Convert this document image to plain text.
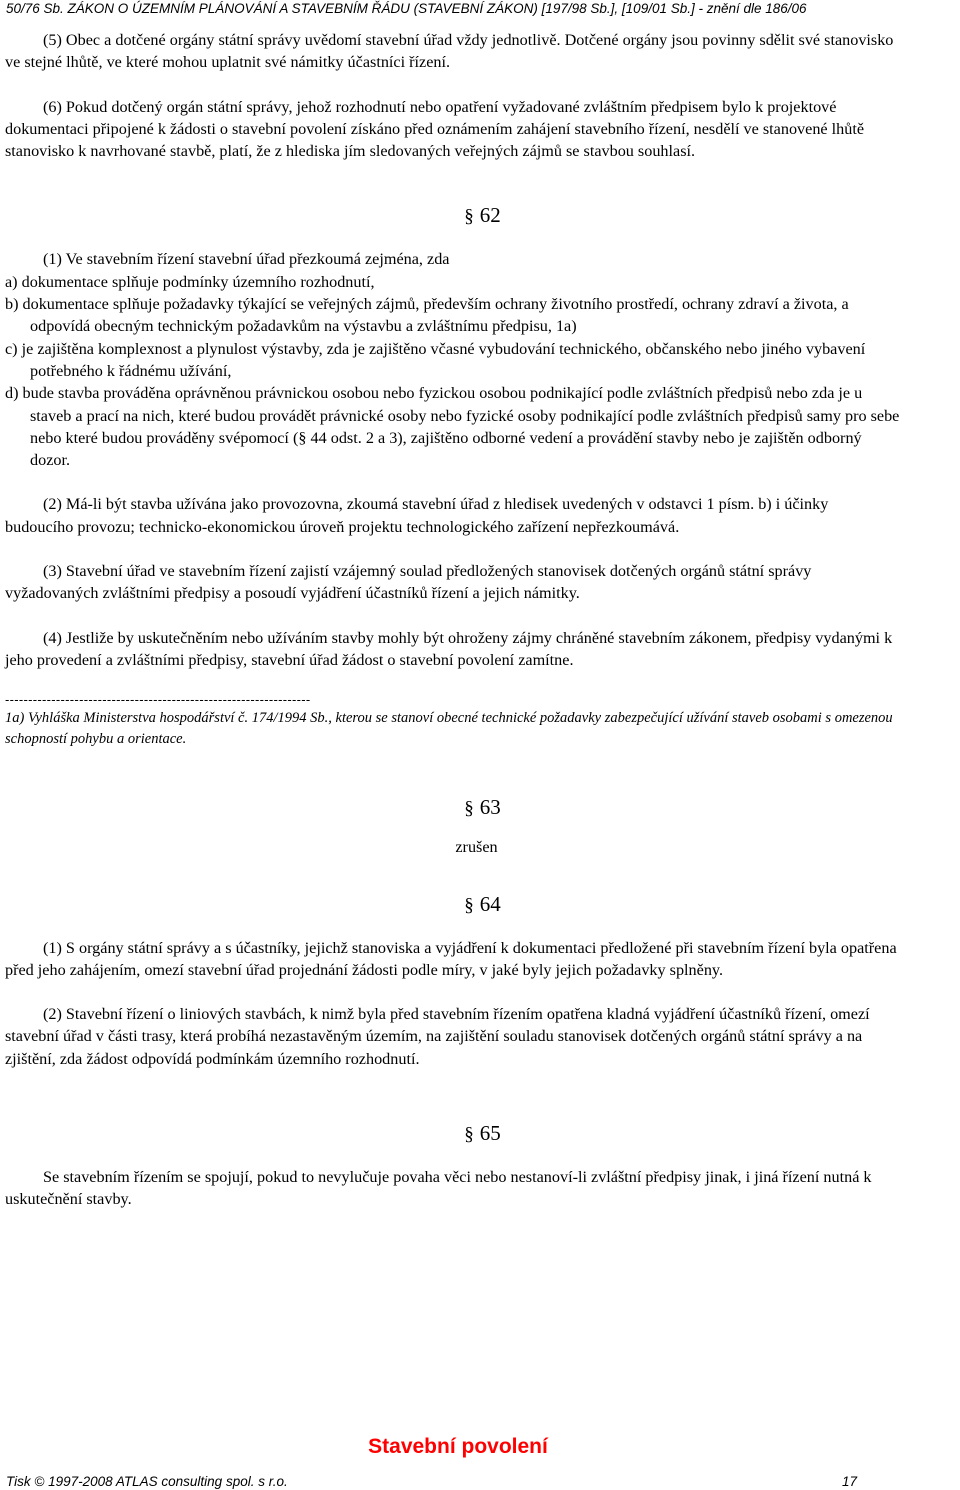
50/76 Sb. ZÁKON O ÚZEMNÍM PLÁNOVÁNÍ A STAVEBNÍM ŘÁDU (STAVEBNÍ ZÁKON) [197/98 Sb.], [109/01 Sb.] - znění dle 186/06

(5) Obec a dotčené orgány státní správy uvědomí stavební úřad vždy jednotlivě. Dotčené orgány jsou povinny sdělit své stanovisko ve stejné lhůtě, ve které mohou uplatnit své námitky účastníci řízení.

(6) Pokud dotčený orgán státní správy, jehož rozhodnutí nebo opatření vyžadované zvláštním předpisem bylo k projektové dokumentaci připojené k žádosti o stavební povolení získáno před oznámením zahájení stavebního řízení, nesdělí ve stanovené lhůtě stanovisko k navrhované stavbě, platí, že z hlediska jím sledovaných veřejných zájmů se stavbou souhlasí.

§ 62

(1) Ve stavebním řízení stavební úřad přezkoumá zejména, zda

a) dokumentace splňuje podmínky územního rozhodnutí,

b) dokumentace splňuje požadavky týkající se veřejných zájmů, především ochrany životního prostředí, ochrany zdraví a života, a odpovídá obecným technickým požadavkům na výstavbu a zvláštnímu předpisu, 1a)

c) je zajištěna komplexnost a plynulost výstavby, zda je zajištěno včasné vybudování technického, občanského nebo jiného vybavení potřebného k řádnému užívání,

d) bude stavba prováděna oprávněnou právnickou osobou nebo fyzickou osobou podnikající podle zvláštních předpisů nebo zda je u staveb a prací na nich, které budou provádět právnické osoby nebo fyzické osoby podnikající podle zvláštních předpisů samy pro sebe nebo které budou prováděny svépomocí (§ 44 odst. 2 a 3), zajištěno odborné vedení a provádění stavby nebo je zajištěn odborný dozor.

(2) Má-li být stavba užívána jako provozovna, zkoumá stavební úřad z hledisek uvedených v odstavci 1 písm. b) i účinky budoucího provozu; technicko-ekonomickou úroveň projektu technologického zařízení nepřezkoumává.

(3) Stavební úřad ve stavebním řízení zajistí vzájemný soulad předložených stanovisek dotčených orgánů státní správy vyžadovaných zvláštními předpisy a posoudí vyjádření účastníků řízení a jejich námitky.

(4) Jestliže by uskutečněním nebo užíváním stavby mohly být ohroženy zájmy chráněné stavebním zákonem, předpisy vydanými k jeho provedení a zvláštními předpisy, stavební úřad žádost o stavební povolení zamítne.

------------------------------------------------------------------

1a) Vyhláška Ministerstva hospodářství č. 174/1994 Sb., kterou se stanoví obecné technické požadavky zabezpečující užívání staveb osobami s omezenou schopností pohybu a orientace.

§ 63

zrušen

§ 64

(1) S orgány státní správy a s účastníky, jejichž stanoviska a vyjádření k dokumentaci předložené při stavebním řízení byla opatřena před jeho zahájením, omezí stavební úřad projednání žádosti podle míry, v jaké byly jejich požadavky splněny.

(2) Stavební řízení o liniových stavbách, k nimž byla před stavebním řízením opatřena kladná vyjádření účastníků řízení, omezí stavební úřad v části trasy, která probíhá nezastavěným územím, na zajištění souladu stanovisek dotčených orgánů státní správy a na zjištění, zda žádost odpovídá podmínkám územního rozhodnutí.

§ 65

Se stavebním řízením se spojují, pokud to nevylučuje povaha věci nebo nestanoví-li zvláštní předpisy jinak, i jiná řízení nutná k uskutečnění stavby.

Stavební povolení
Tisk © 1997-2008 ATLAS consulting spol. s r.o.	17
